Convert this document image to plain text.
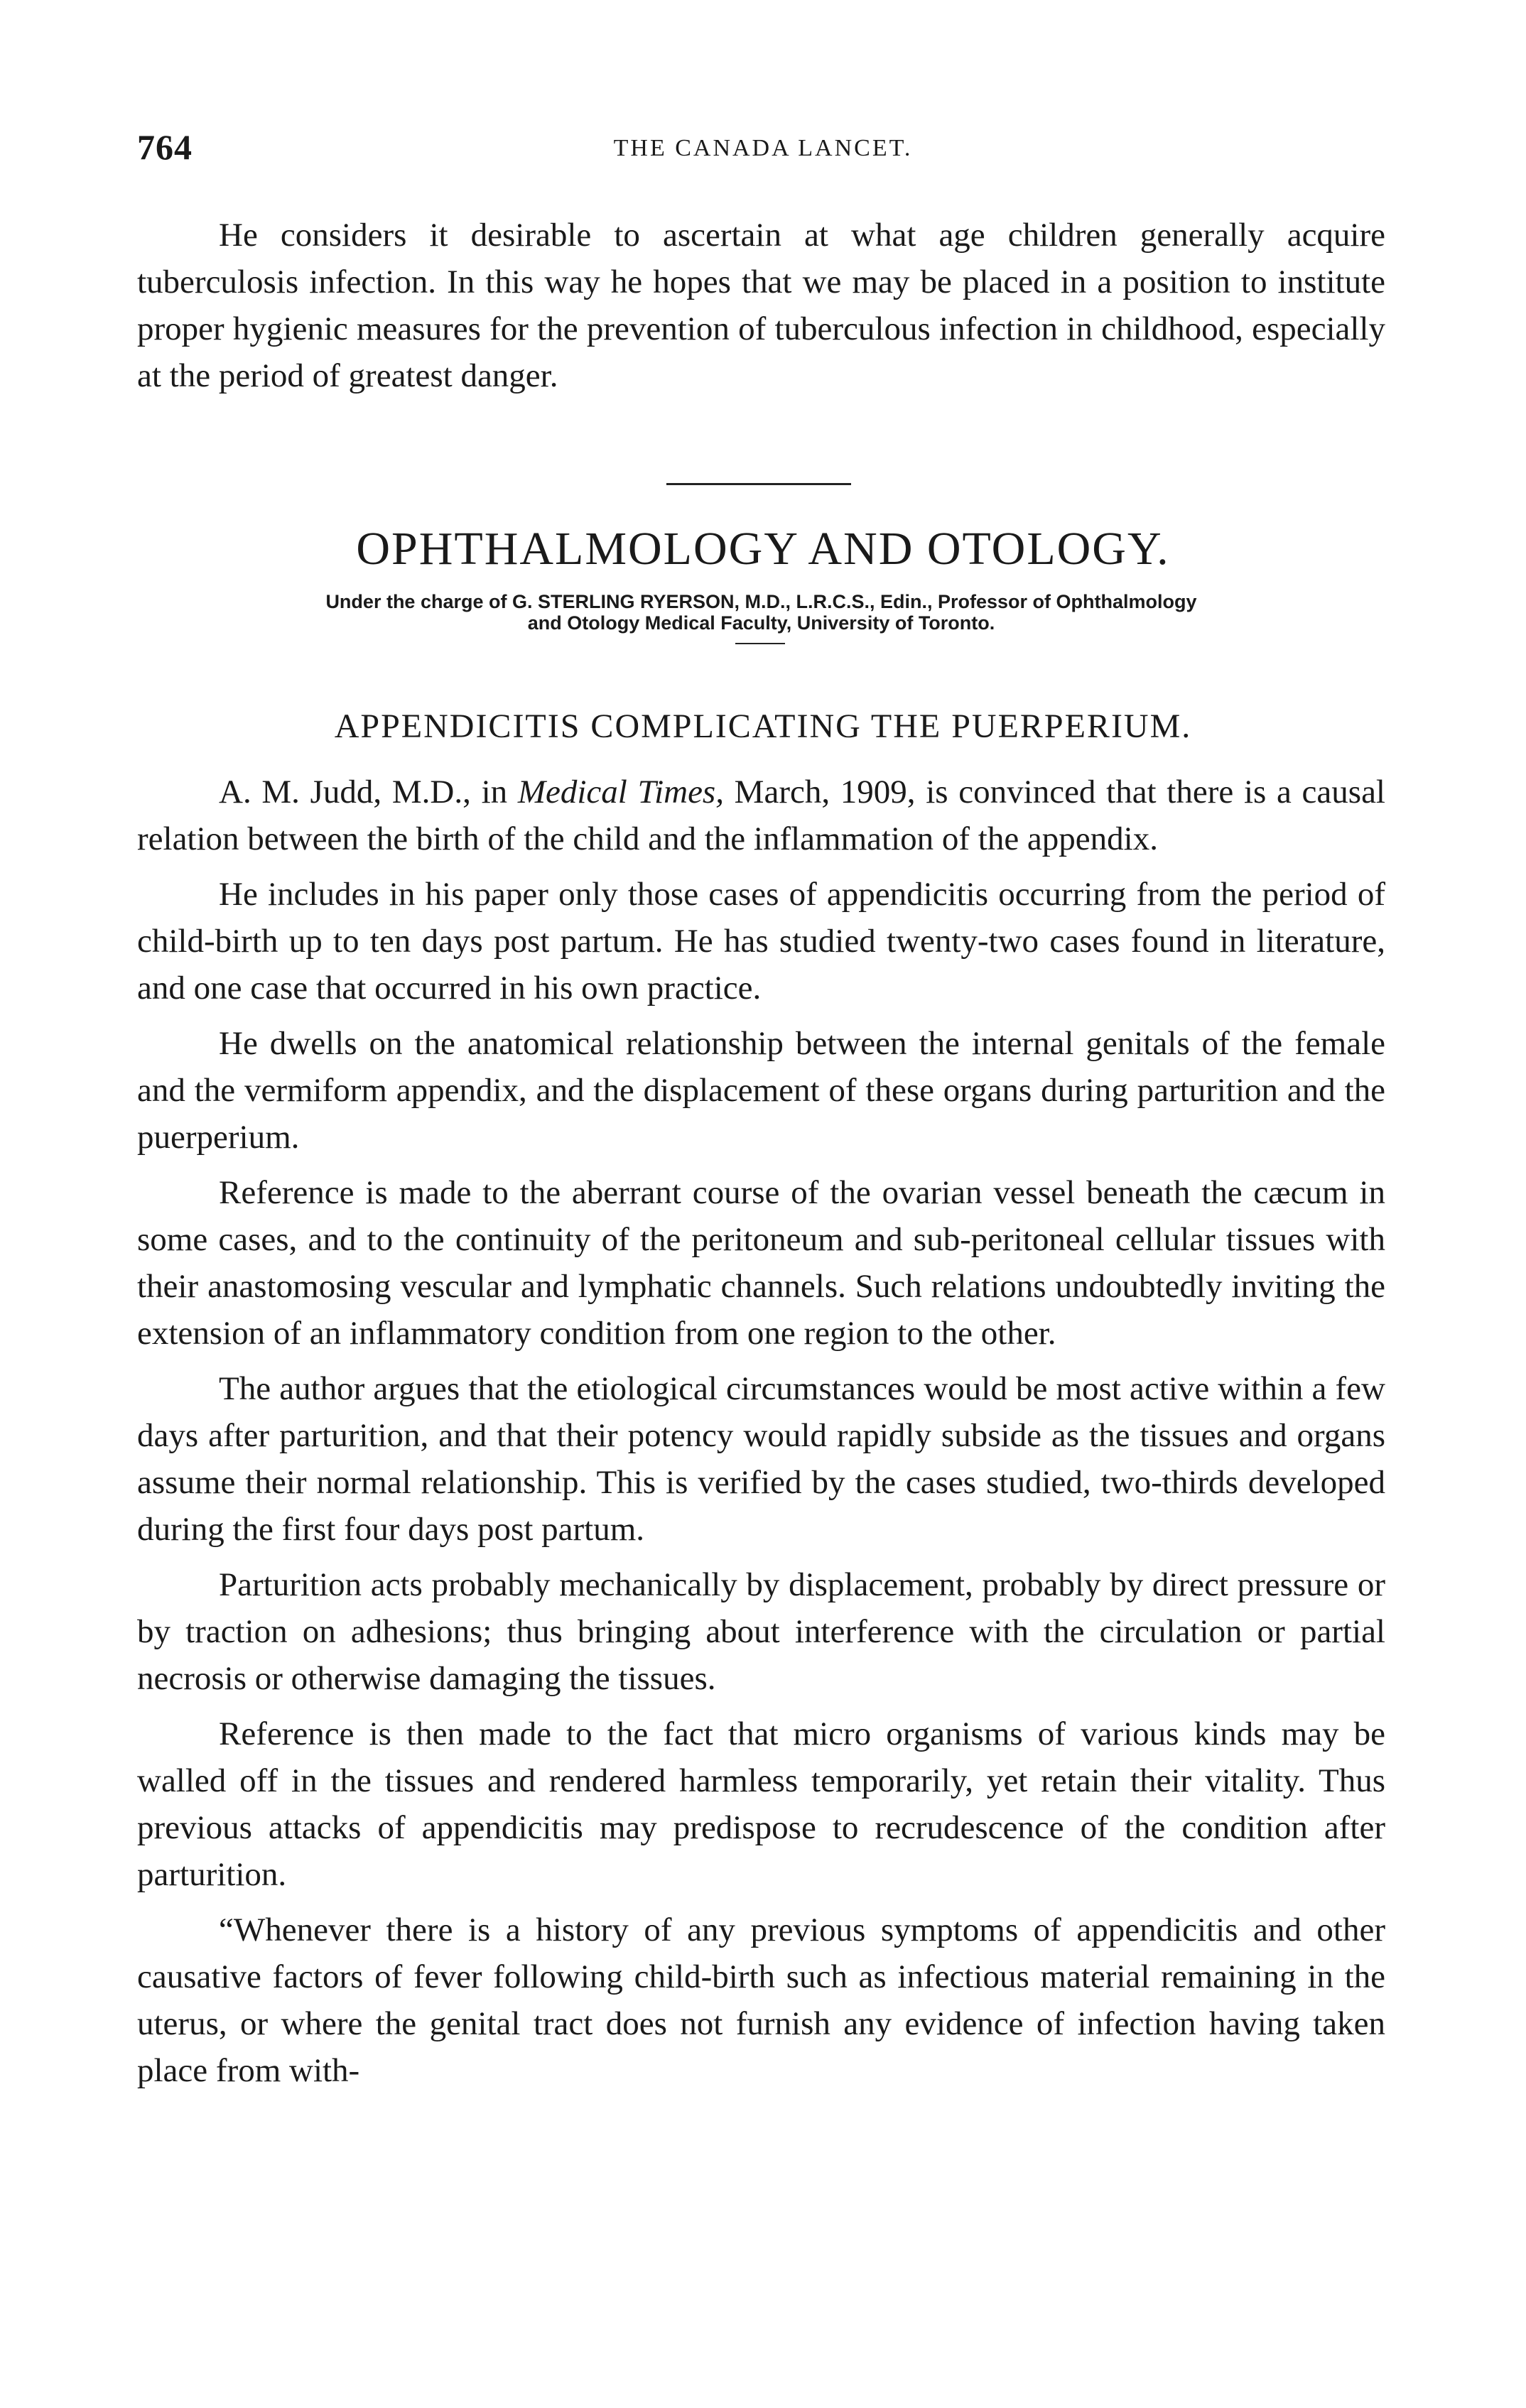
764	THE CANADA LANCET.

He considers it desirable to ascertain at what age children generally acquire tuberculosis infection. In this way he hopes that we may be placed in a position to institute proper hygienic measures for the prevention of tuberculous infection in childhood, especially at the period of greatest danger.

OPHTHALMOLOGY AND OTOLOGY.
Under the charge of G. STERLING RYERSON, M.D., L.R.C.S., Edin., Professor of Ophthalmology
and Otology Medical Faculty, University of Toronto.
APPENDICITIS COMPLICATING THE PUERPERIUM.

A. M. Judd, M.D., in Medical Times, March, 1909, is convinced that there is a causal relation between the birth of the child and the inflammation of the appendix.

He includes in his paper only those cases of appendicitis occurring from the period of child-birth up to ten days post partum. He has studied twenty-two cases found in literature, and one case that occurred in his own practice.

He dwells on the anatomical relationship between the internal genitals of the female and the vermiform appendix, and the displacement of these organs during parturition and the puerperium.

Reference is made to the aberrant course of the ovarian vessel beneath the cæcum in some cases, and to the continuity of the peritoneum and sub-peritoneal cellular tissues with their anastomosing vescular and lymphatic channels. Such relations undoubtedly inviting the extension of an inflammatory condition from one region to the other.

The author argues that the etiological circumstances would be most active within a few days after parturition, and that their potency would rapidly subside as the tissues and organs assume their normal relationship. This is verified by the cases studied, two-thirds developed during the first four days post partum.

Parturition acts probably mechanically by displacement, probably by direct pressure or by traction on adhesions; thus bringing about interference with the circulation or partial necrosis or otherwise damaging the tissues.

Reference is then made to the fact that micro organisms of various kinds may be walled off in the tissues and rendered harmless temporarily, yet retain their vitality. Thus previous attacks of appendicitis may predispose to recrudescence of the condition after parturition.

“Whenever there is a history of any previous symptoms of appendicitis and other causative factors of fever following child-birth such as infectious material remaining in the uterus, or where the genital tract does not furnish any evidence of infection having taken place from with-
